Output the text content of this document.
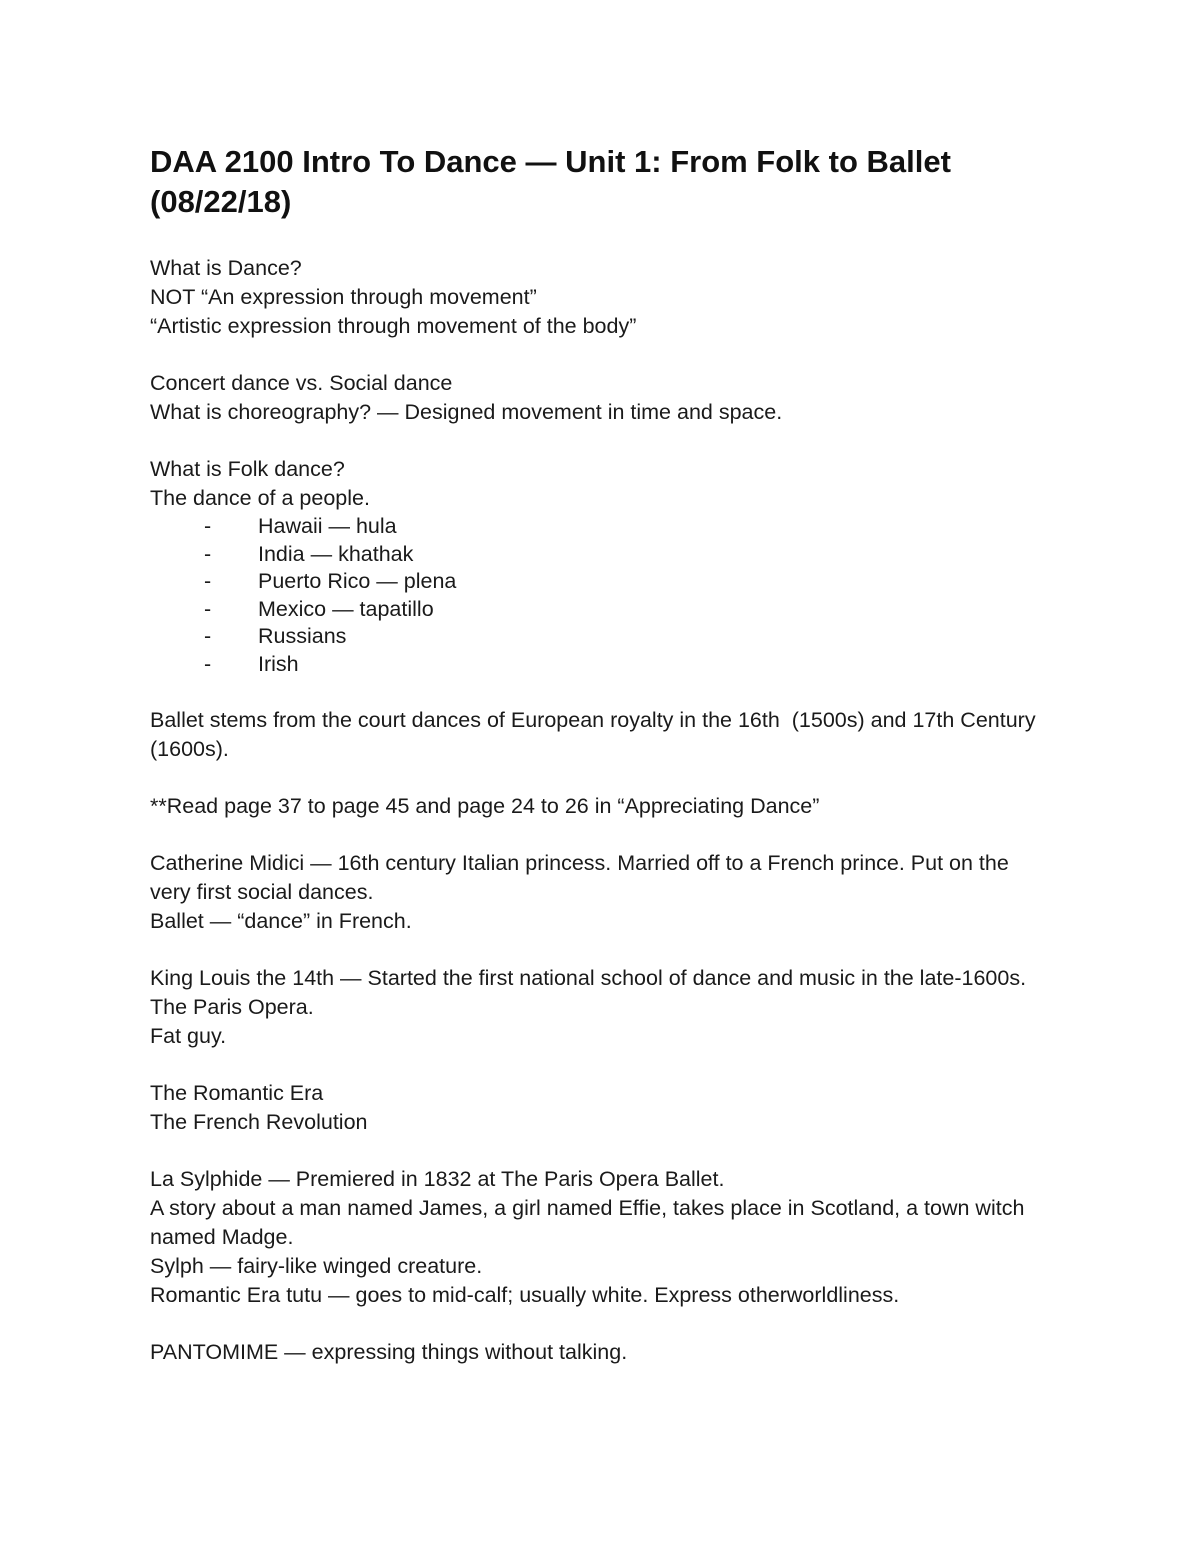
DAA 2100 Intro To Dance — Unit 1: From Folk to Ballet (08/22/18)

What is Dance?

NOT “An expression through movement”

“Artistic expression through movement of the body”

Concert dance vs. Social dance

What is choreography? — Designed movement in time and space.

What is Folk dance?

The dance of a people.

- Hawaii — hula
- India — khathak
- Puerto Rico — plena
- Mexico — tapatillo
- Russians
- Irish

Ballet stems from the court dances of European royalty in the 16th  (1500s) and 17th Century (1600s).

**Read page 37 to page 45 and page 24 to 26 in “Appreciating Dance”

Catherine Midici — 16th century Italian princess. Married off to a French prince. Put on the very first social dances.

Ballet — “dance” in French.

King Louis the 14th — Started the first national school of dance and music in the late-1600s. The Paris Opera.

Fat guy.

The Romantic Era

The French Revolution

La Sylphide — Premiered in 1832 at The Paris Opera Ballet.

A story about a man named James, a girl named Effie, takes place in Scotland, a town witch named Madge.

Sylph — fairy-like winged creature.

Romantic Era tutu — goes to mid-calf; usually white. Express otherworldliness.

PANTOMIME — expressing things without talking.
